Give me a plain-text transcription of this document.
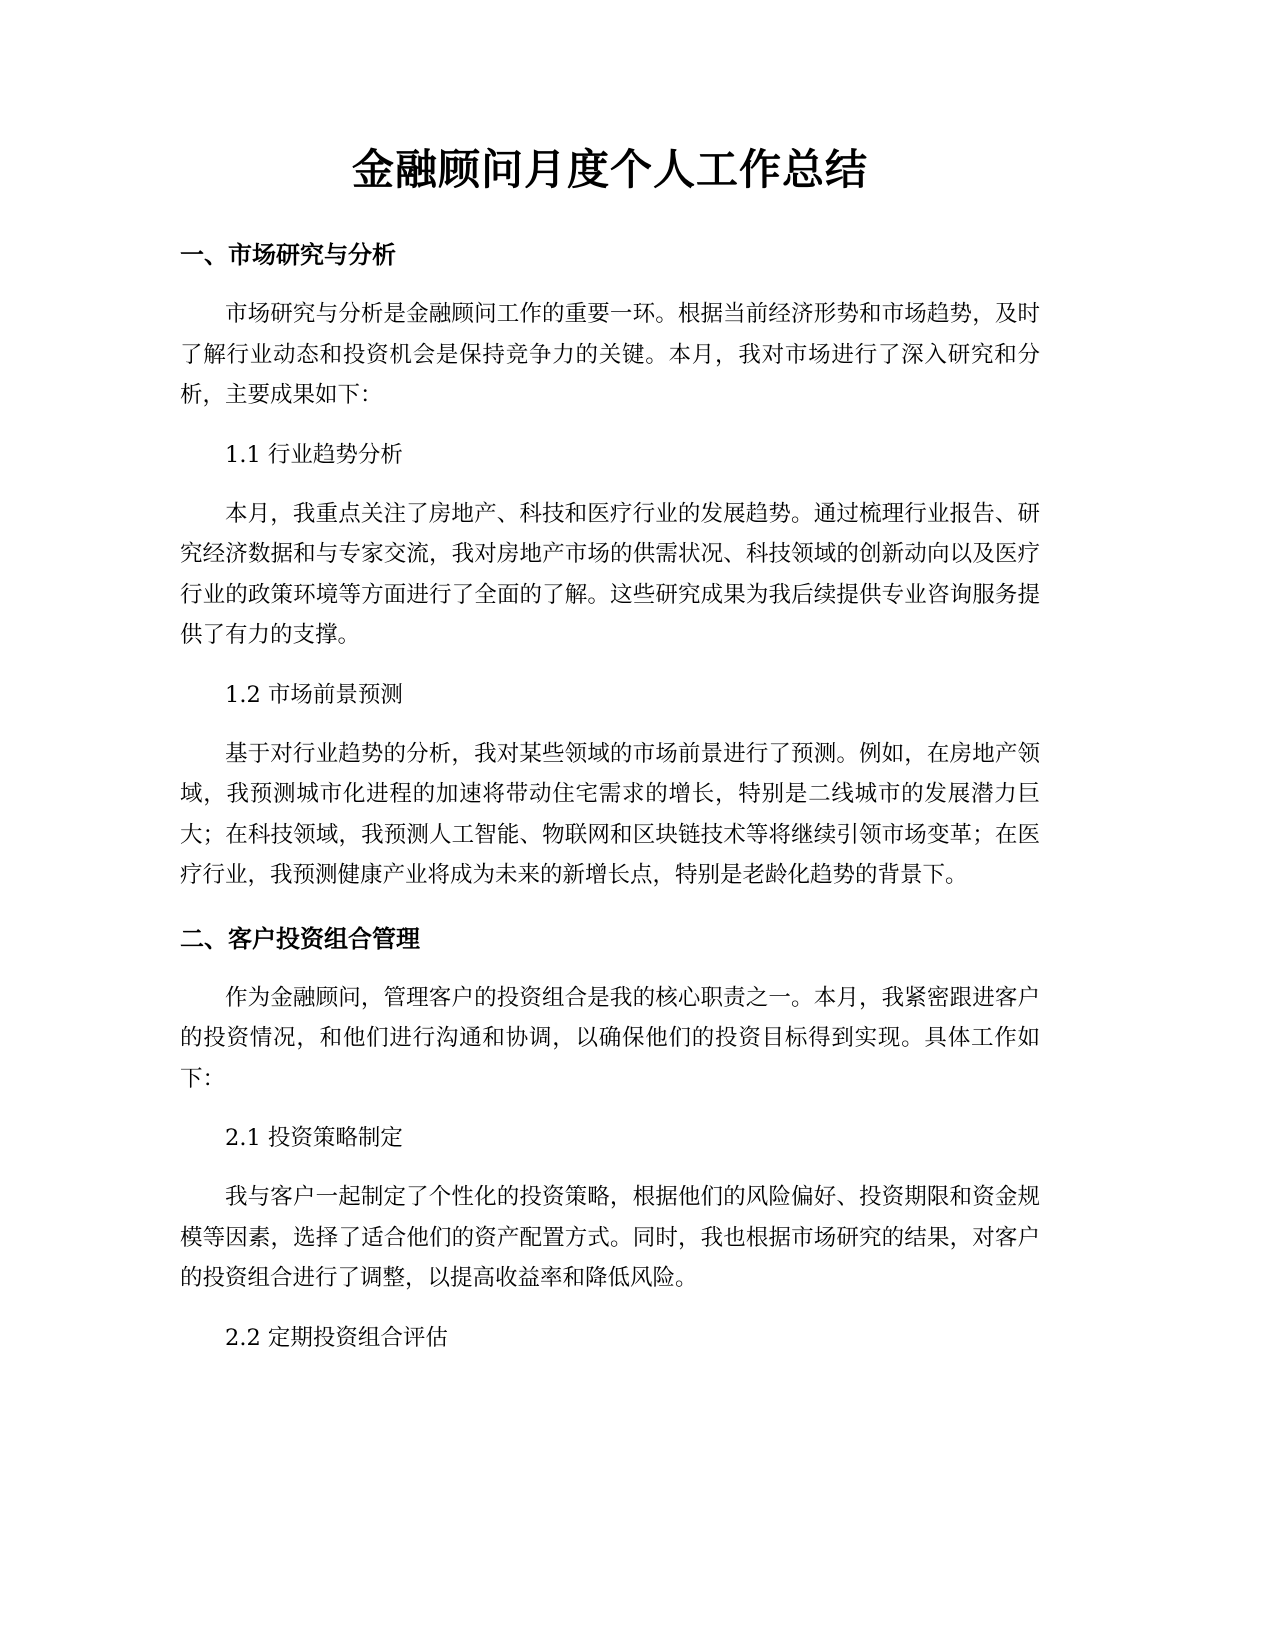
金融顾问月度个人工作总结
一、市场研究与分析

市场研究与分析是金融顾问工作的重要一环。根据当前经济形势和市场趋势，及时了解行业动态和投资机会是保持竞争力的关键。本月，我对市场进行了深入研究和分析，主要成果如下：

1.1 行业趋势分析

本月，我重点关注了房地产、科技和医疗行业的发展趋势。通过梳理行业报告、研究经济数据和与专家交流，我对房地产市场的供需状况、科技领域的创新动向以及医疗行业的政策环境等方面进行了全面的了解。这些研究成果为我后续提供专业咨询服务提供了有力的支撑。

1.2 市场前景预测

基于对行业趋势的分析，我对某些领域的市场前景进行了预测。例如，在房地产领域，我预测城市化进程的加速将带动住宅需求的增长，特别是二线城市的发展潜力巨大；在科技领域，我预测人工智能、物联网和区块链技术等将继续引领市场变革；在医疗行业，我预测健康产业将成为未来的新增长点，特别是老龄化趋势的背景下。

二、客户投资组合管理

作为金融顾问，管理客户的投资组合是我的核心职责之一。本月，我紧密跟进客户的投资情况，和他们进行沟通和协调，以确保他们的投资目标得到实现。具体工作如下：

2.1 投资策略制定

我与客户一起制定了个性化的投资策略，根据他们的风险偏好、投资期限和资金规模等因素，选择了适合他们的资产配置方式。同时，我也根据市场研究的结果，对客户的投资组合进行了调整，以提高收益率和降低风险。

2.2 定期投资组合评估
